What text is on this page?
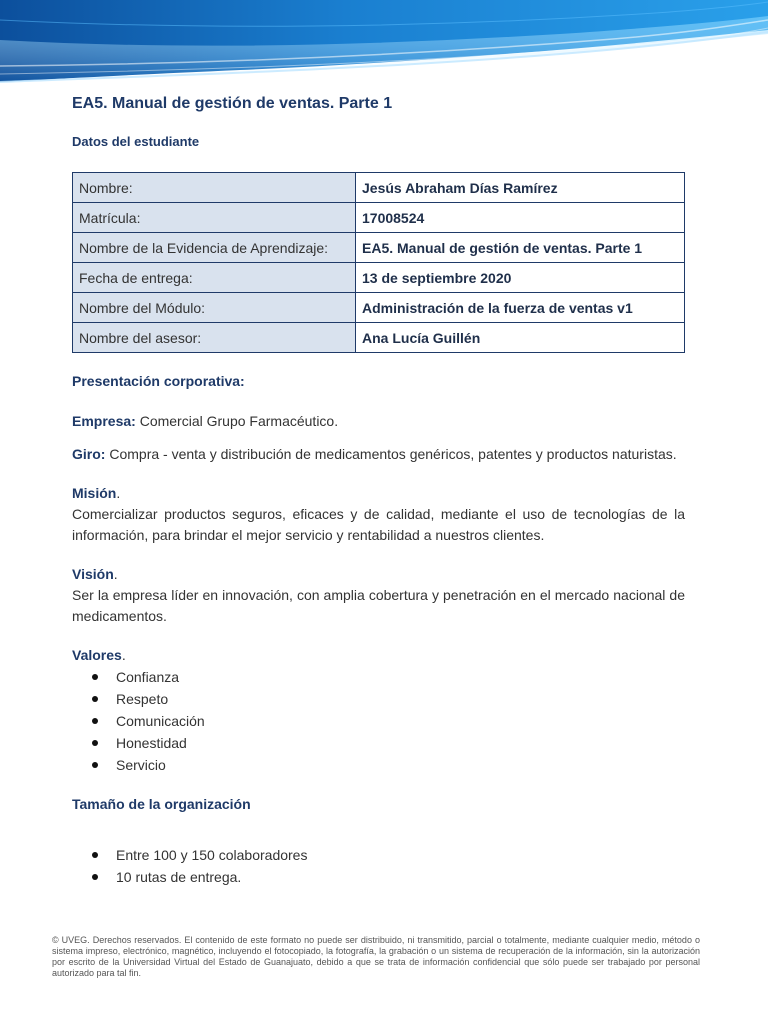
EA5. Manual de gestión de ventas. Parte 1
Datos del estudiante
Nombre:	Jesús Abraham Días Ramírez
Matrícula:	17008524
Nombre de la Evidencia de Aprendizaje:	EA5. Manual de gestión de ventas. Parte 1
Fecha de entrega:	13 de septiembre 2020
Nombre del Módulo:	Administración de la fuerza de ventas v1
Nombre del asesor:	Ana Lucía Guillén
Presentación corporativa:

Empresa: Comercial Grupo Farmacéutico.

Giro: Compra - venta y distribución de medicamentos genéricos, patentes y productos naturistas.

Misión.

Comercializar productos seguros, eficaces y de calidad, mediante el uso de tecnologías de la información, para brindar el mejor servicio y rentabilidad a nuestros clientes.

Visión.

Ser la empresa líder en innovación, con amplia cobertura y penetración en el mercado nacional de medicamentos.

Valores.
Confianza
Respeto
Comunicación
Honestidad
Servicio
Tamaño de la organización
Entre 100 y 150 colaboradores
10 rutas de entrega.
© UVEG. Derechos reservados. El contenido de este formato no puede ser distribuido, ni transmitido, parcial o totalmente, mediante cualquier medio, método o sistema impreso, electrónico, magnético, incluyendo el fotocopiado, la fotografía, la grabación o un sistema de recuperación de la información, sin la autorización por escrito de la Universidad Virtual del Estado de Guanajuato, debido a que se trata de información confidencial que sólo puede ser trabajado por personal autorizado para tal fin.
